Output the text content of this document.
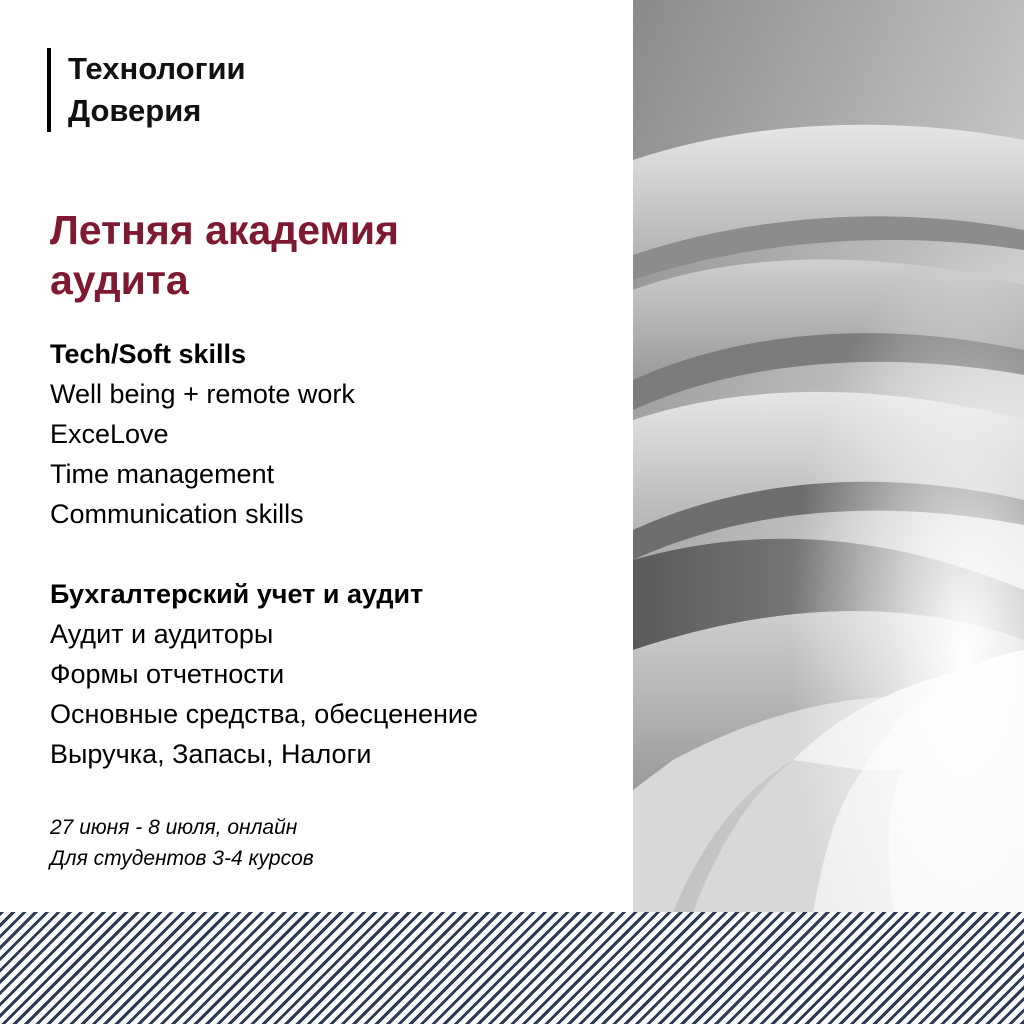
Технологии
Доверия
Летняя академия
аудита
Tech/Soft skills
Well being + remote work
ExceLove
Time management
Communication skills
Бухгалтерский учет и аудит
Аудит и аудиторы
Формы отчетности
Основные средства, обесценение
Выручка, Запасы, Налоги
27 июня - 8 июля, онлайн
Для студентов 3-4 курсов
